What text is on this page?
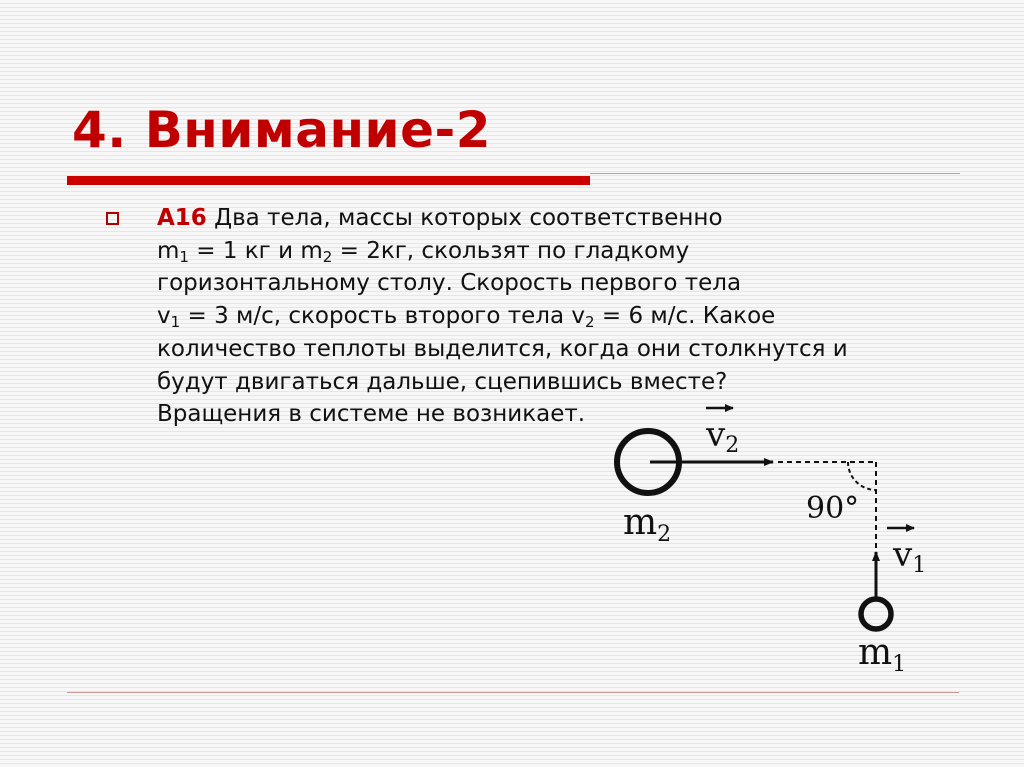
4. Внимание-2
А16 Два тела, массы которых соответственно
$m_1 = 1$ кг и $m_2 = 2кг$, скользят по гладкому
горизонтальному столу. Скорость первого тела
$v_1 = 3$ м/с, скорость второго тела $v_2 = 6$ м/с. Какое
количество теплоты выделится, когда они столкнутся и
будут двигаться дальше, сцепившись вместе?
Вращения в системе не возникает.
v2
m2
90°
v1
m1
